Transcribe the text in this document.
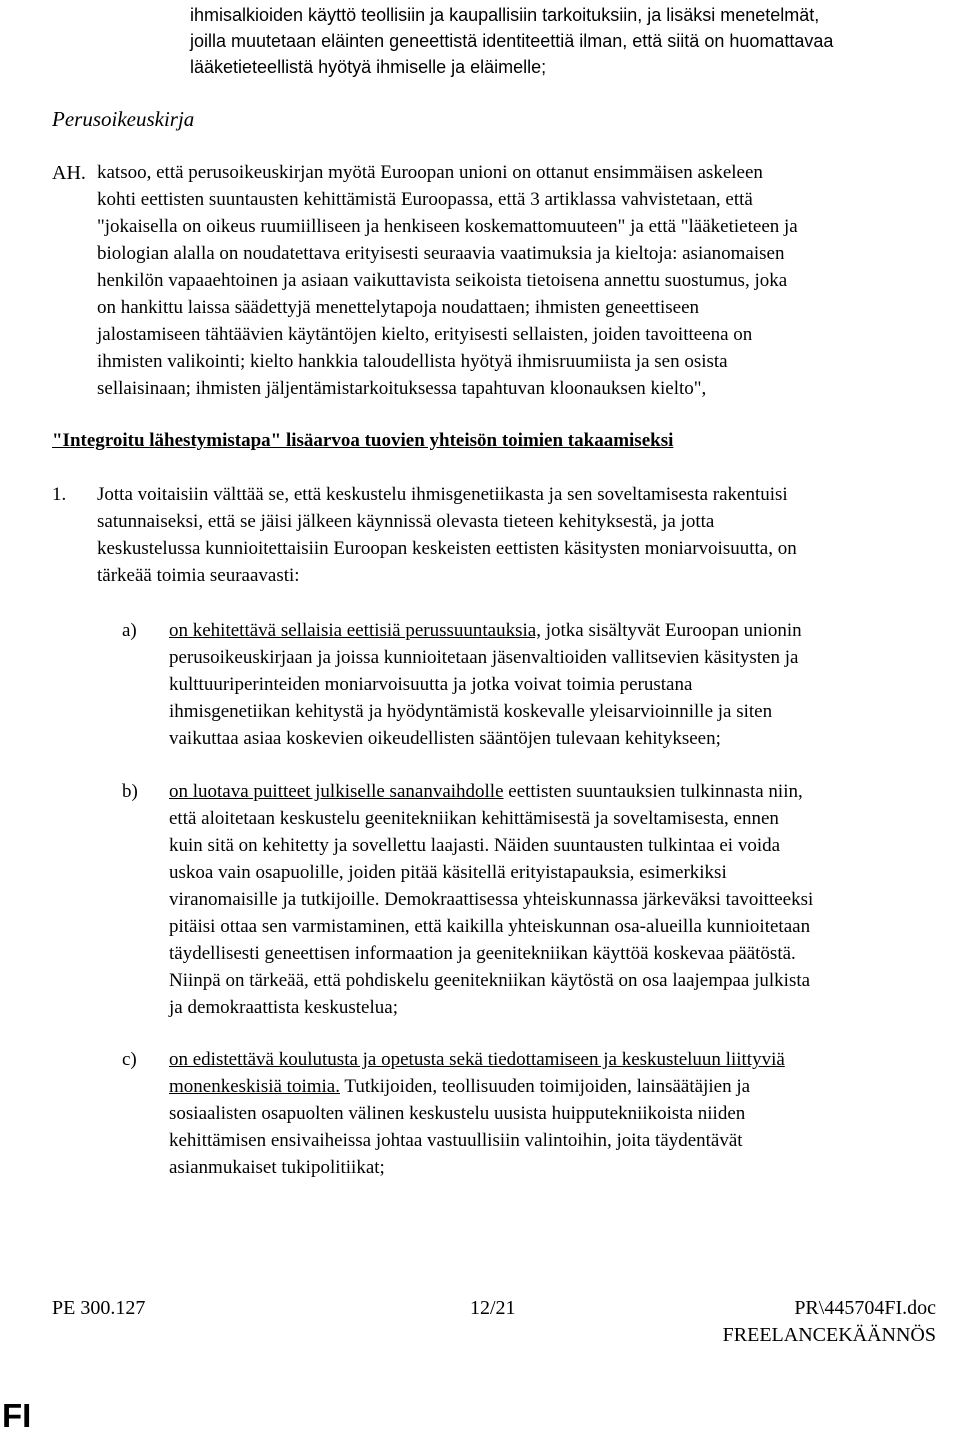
ihmisalkioiden käyttö teollisiin ja kaupallisiin tarkoituksiin, ja lisäksi menetelmät,
joilla muutetaan eläinten geneettistä identiteettiä ilman, että siitä on huomattavaa
lääketieteellistä hyötyä ihmiselle ja eläimelle;
Perusoikeuskirja
AH. katsoo, että perusoikeuskirjan myötä Euroopan unioni on ottanut ensimmäisen askeleen
kohti eettisten suuntausten kehittämistä Euroopassa, että 3 artiklassa vahvistetaan, että
"jokaisella on oikeus ruumiilliseen ja henkiseen koskemattomuuteen" ja että "lääketieteen ja
biologian alalla on noudatettava erityisesti seuraavia vaatimuksia ja kieltoja: asianomaisen
henkilön vapaaehtoinen ja asiaan vaikuttavista seikoista tietoisena annettu suostumus, joka
on hankittu laissa säädettyjä menettelytapoja noudattaen; ihmisten geneettiseen
jalostamiseen tähtäävien käytäntöjen kielto, erityisesti sellaisten, joiden tavoitteena on
ihmisten valikointi; kielto hankkia taloudellista hyötyä ihmisruumiista ja sen osista
sellaisinaan; ihmisten jäljentämistarkoituksessa tapahtuvan kloonauksen kielto",
"Integroitu lähestymistapa" lisäarvoa tuovien yhteisön toimien takaamiseksi
1. Jotta voitaisiin välttää se, että keskustelu ihmisgenetiikasta ja sen soveltamisesta rakentuisi
satunnaiseksi, että se jäisi jälkeen käynnissä olevasta tieteen kehityksestä, ja jotta
keskustelussa kunnioitettaisiin Euroopan keskeisten eettisten käsitysten moniarvoisuutta, on
tärkeää toimia seuraavasti:
a) on kehitettävä sellaisia eettisiä perussuuntauksia, jotka sisältyvät Euroopan unionin
perusoikeuskirjaan ja joissa kunnioitetaan jäsenvaltioiden vallitsevien käsitysten ja
kulttuuriperinteiden moniarvoisuutta ja jotka voivat toimia perustana
ihmisgenetiikan kehitystä ja hyödyntämistä koskevalle yleisarvioinnille ja siten
vaikuttaa asiaa koskevien oikeudellisten sääntöjen tulevaan kehitykseen;
b) on luotava puitteet julkiselle sananvaihdolle eettisten suuntauksien tulkinnasta niin,
että aloitetaan keskustelu geenitekniikan kehittämisestä ja soveltamisesta, ennen
kuin sitä on kehitetty ja sovellettu laajasti. Näiden suuntausten tulkintaa ei voida
uskoa vain osapuolille, joiden pitää käsitellä erityistapauksia, esimerkiksi
viranomaisille ja tutkijoille. Demokraattisessa yhteiskunnassa järkeväksi tavoitteeksi
pitäisi ottaa sen varmistaminen, että kaikilla yhteiskunnan osa-alueilla kunnioitetaan
täydellisesti geneettisen informaation ja geenitekniikan käyttöä koskevaa päätöstä.
Niinpä on tärkeää, että pohdiskelu geenitekniikan käytöstä on osa laajempaa julkista
ja demokraattista keskustelua;
c) on edistettävä koulutusta ja opetusta sekä tiedottamiseen ja keskusteluun liittyviä
monenkeskisiä toimia. Tutkijoiden, teollisuuden toimijoiden, lainsäätäjien ja
sosiaalisten osapuolten välinen keskustelu uusista huipputekniikoista niiden
kehittämisen ensivaiheissa johtaa vastuullisiin valintoihin, joita täydentävät
asianmukaiset tukipolitiikat;
PE 300.127	12/21	PR\445704FI.doc
FREELANCEKÄÄNNÖS
FI
